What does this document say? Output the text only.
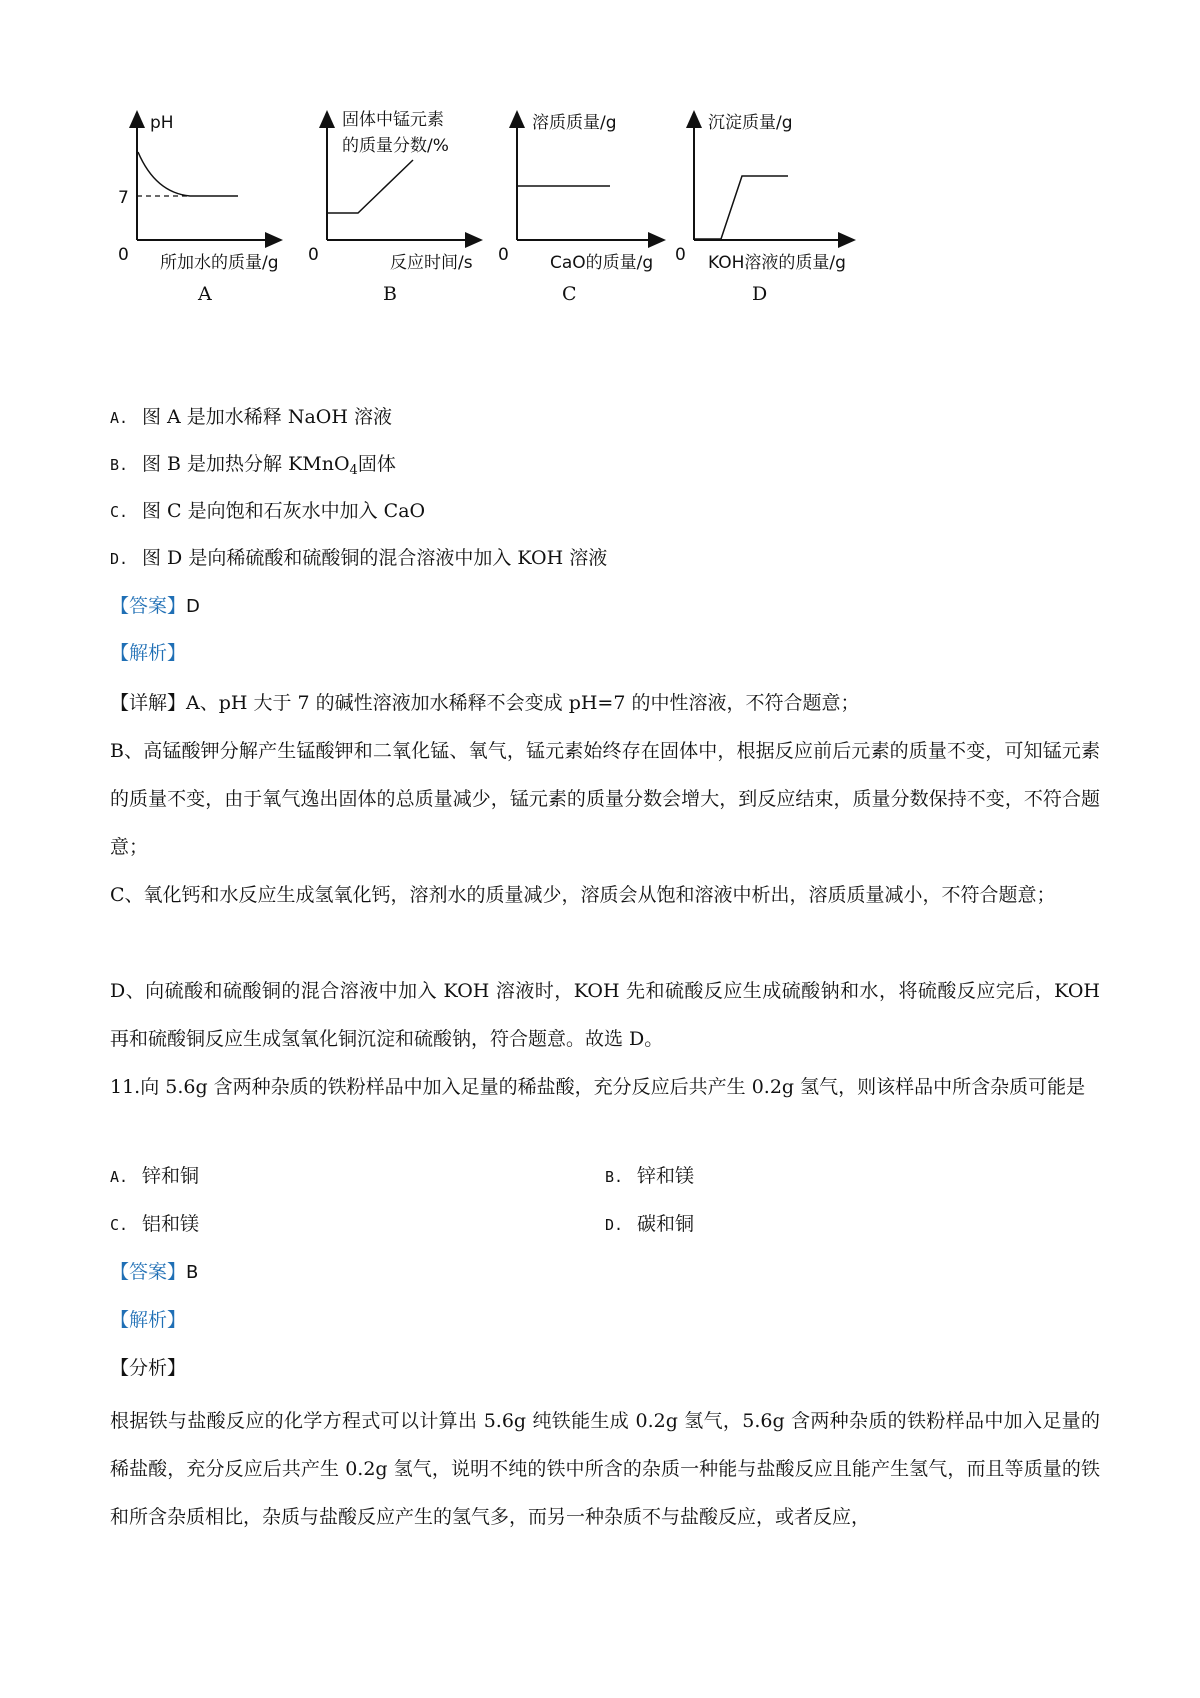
pH
7
0 所加水的质量/g
A
固体中锰元素
的质量分数/%
0	反应时间/s
B
溶质质量/g
0 CaO的质量/g
C
沉淀质量/g
0 KOH溶液的质量/g
D
A. 图 A 是加水稀释 NaOH 溶液
B. 图 B 是加热分解 KMnO$_4$固体
C. 图 C 是向饱和石灰水中加入 CaO
D. 图 D 是向稀硫酸和硫酸铜的混合溶液中加入 KOH 溶液
【答案】D
【解析】
【详解】A、pH 大于 7 的碱性溶液加水稀释不会变成 pH=7 的中性溶液，不符合题意；
B、高锰酸钾分解产生锰酸钾和二氧化锰、氧气，锰元素始终存在固体中，根据反应前后元素的质量不变，可知锰元素的质量不变，由于氧气逸出固体的总质量减少，锰元素的质量分数会增大，到反应结束，质量分数保持不变，不符合题意；
C、氧化钙和水反应生成氢氧化钙，溶剂水的质量减少，溶质会从饱和溶液中析出，溶质质量减小，不符合题意；
D、向硫酸和硫酸铜的混合溶液中加入 KOH 溶液时，KOH 先和硫酸反应生成硫酸钠和水，将硫酸反应完后，KOH 再和硫酸铜反应生成氢氧化铜沉淀和硫酸钠，符合题意。故选 D。
11.向 5.6g 含两种杂质的铁粉样品中加入足量的稀盐酸，充分反应后共产生 0.2g 氢气，则该样品中所含杂质可能是
A. 锌和铜	B. 锌和镁
C. 铝和镁	D. 碳和铜
【答案】B
【解析】
【分析】
根据铁与盐酸反应的化学方程式可以计算出 5.6g 纯铁能生成 0.2g 氢气，5.6g 含两种杂质的铁粉样品中加入足量的稀盐酸，充分反应后共产生 0.2g 氢气，说明不纯的铁中所含的杂质一种能与盐酸反应且能产生氢气，而且等质量的铁和所含杂质相比，杂质与盐酸反应产生的氢气多，而另一种杂质不与盐酸反应，或者反应，
